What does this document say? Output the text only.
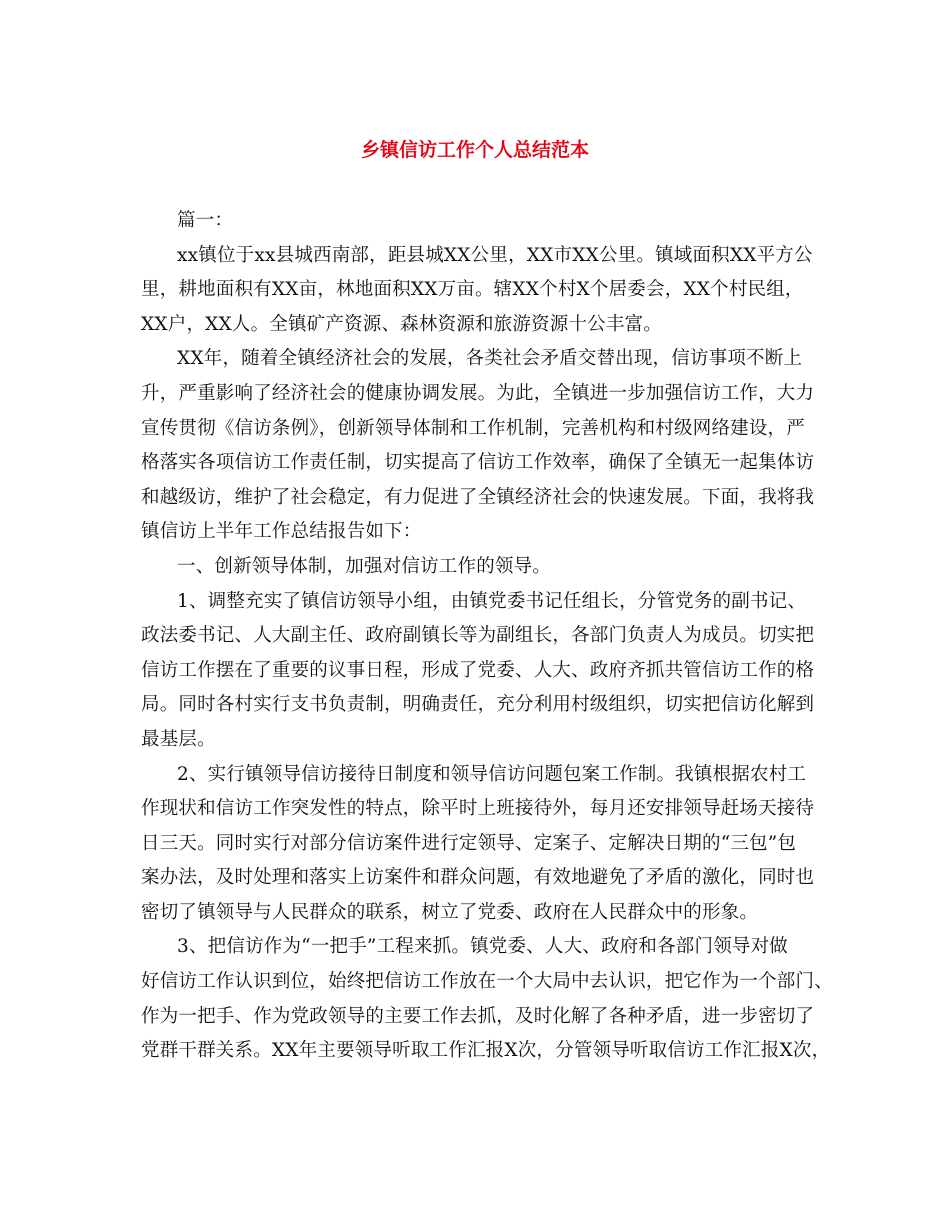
乡镇信访工作个人总结范本
篇一：
xx镇位于xx县城西南部，距县城XX公里，XX市XX公里。镇域面积XX平方公
里，耕地面积有XX亩，林地面积XX万亩。辖XX个村X个居委会，XX个村民组，
XX户，XX人。全镇矿产资源、森林资源和旅游资源十公丰富。
XX年，随着全镇经济社会的发展，各类社会矛盾交替出现，信访事项不断上
升，严重影响了经济社会的健康协调发展。为此，全镇进一步加强信访工作，大力
宣传贯彻《信访条例》，创新领导体制和工作机制，完善机构和村级网络建设，严
格落实各项信访工作责任制，切实提高了信访工作效率，确保了全镇无一起集体访
和越级访，维护了社会稳定，有力促进了全镇经济社会的快速发展。下面，我将我
镇信访上半年工作总结报告如下：
一、创新领导体制，加强对信访工作的领导。
1、调整充实了镇信访领导小组，由镇党委书记任组长，分管党务的副书记、
政法委书记、人大副主任、政府副镇长等为副组长，各部门负责人为成员。切实把
信访工作摆在了重要的议事日程，形成了党委、人大、政府齐抓共管信访工作的格
局。同时各村实行支书负责制，明确责任，充分利用村级组织，切实把信访化解到
最基层。
2、实行镇领导信访接待日制度和领导信访问题包案工作制。我镇根据农村工
作现状和信访工作突发性的特点，除平时上班接待外，每月还安排领导赶场天接待
日三天。同时实行对部分信访案件进行定领导、定案子、定解决日期的“三包”包
案办法，及时处理和落实上访案件和群众问题，有效地避免了矛盾的激化，同时也
密切了镇领导与人民群众的联系，树立了党委、政府在人民群众中的形象。
3、把信访作为“一把手”工程来抓。镇党委、人大、政府和各部门领导对做
好信访工作认识到位，始终把信访工作放在一个大局中去认识，把它作为一个部门、
作为一把手、作为党政领导的主要工作去抓，及时化解了各种矛盾，进一步密切了
党群干群关系。XX年主要领导听取工作汇报X次，分管领导听取信访工作汇报X次，
